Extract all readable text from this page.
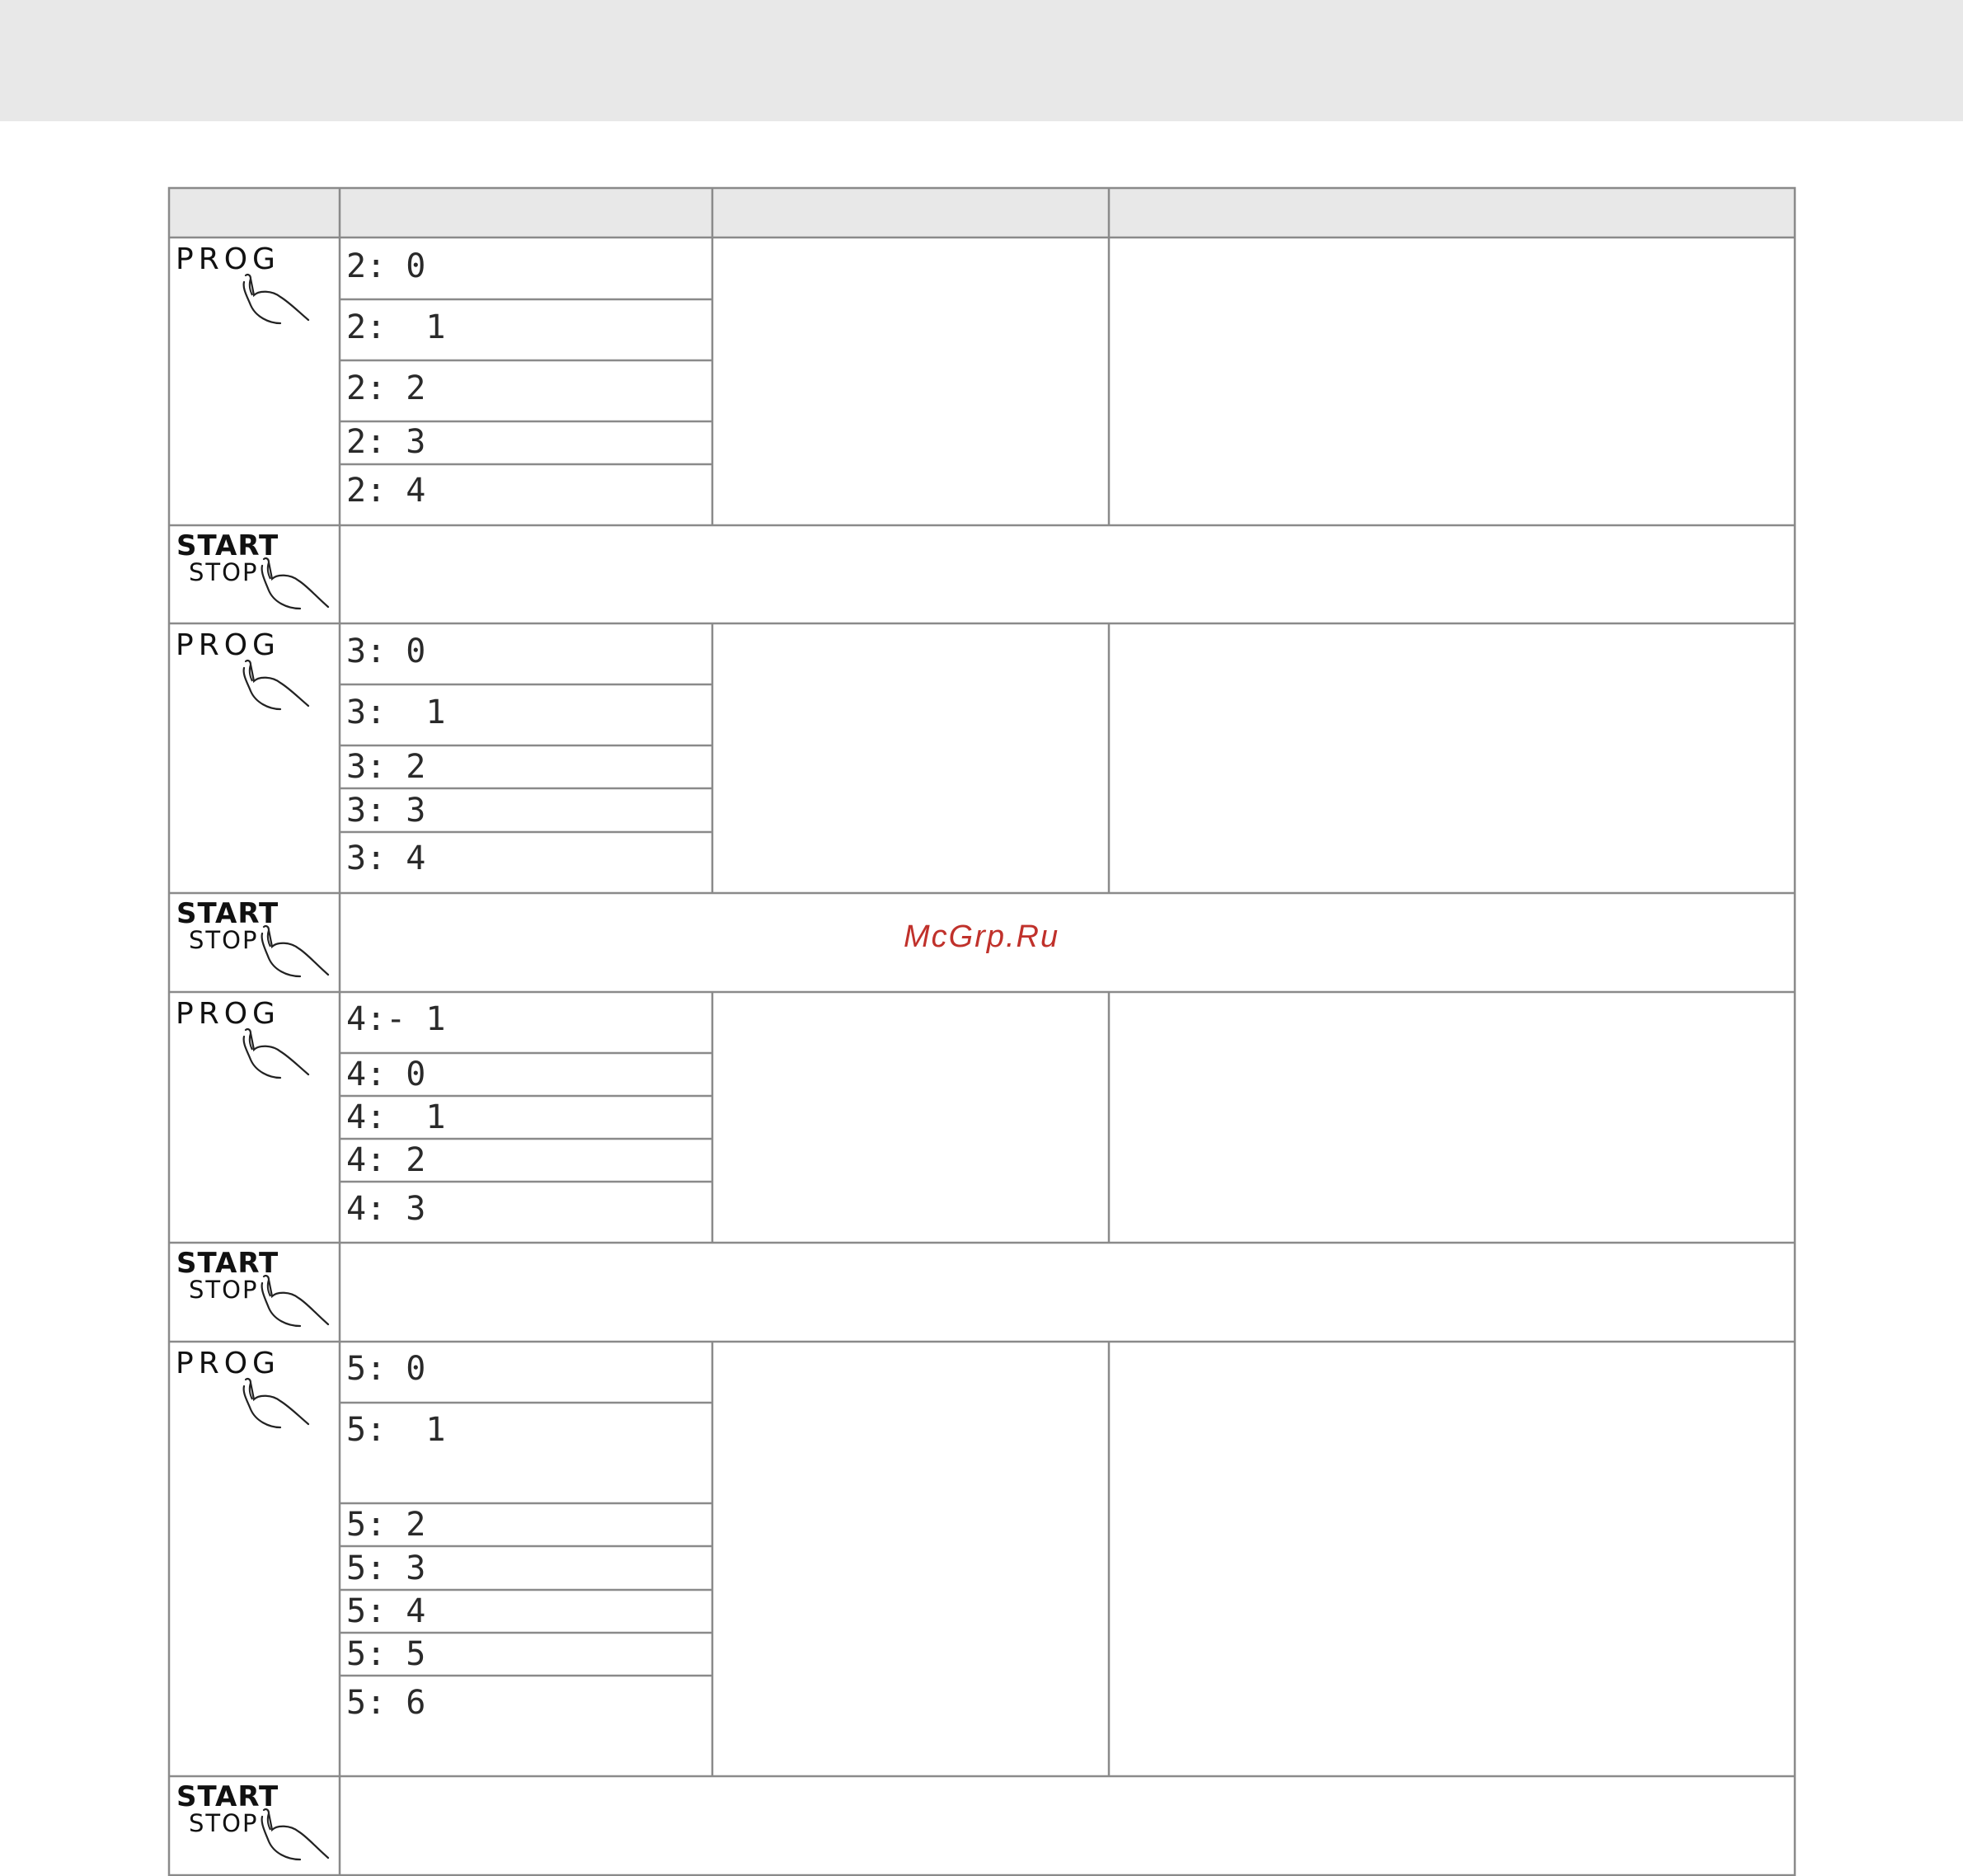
PROG 2: 0
2:  1
2: 2
2: 3
2: 4
START
STOP
PROG 3: 0
3:  1
3: 2
3: 3
3: 4
START
STOP	McGrp.Ru
PROG 4:- 1
4: 0
4:  1
4: 2
4: 3
START
STOP
PROG 5: 0
5:  1
5: 2
5: 3
5: 4
5: 5
5: 6
START
STOP
